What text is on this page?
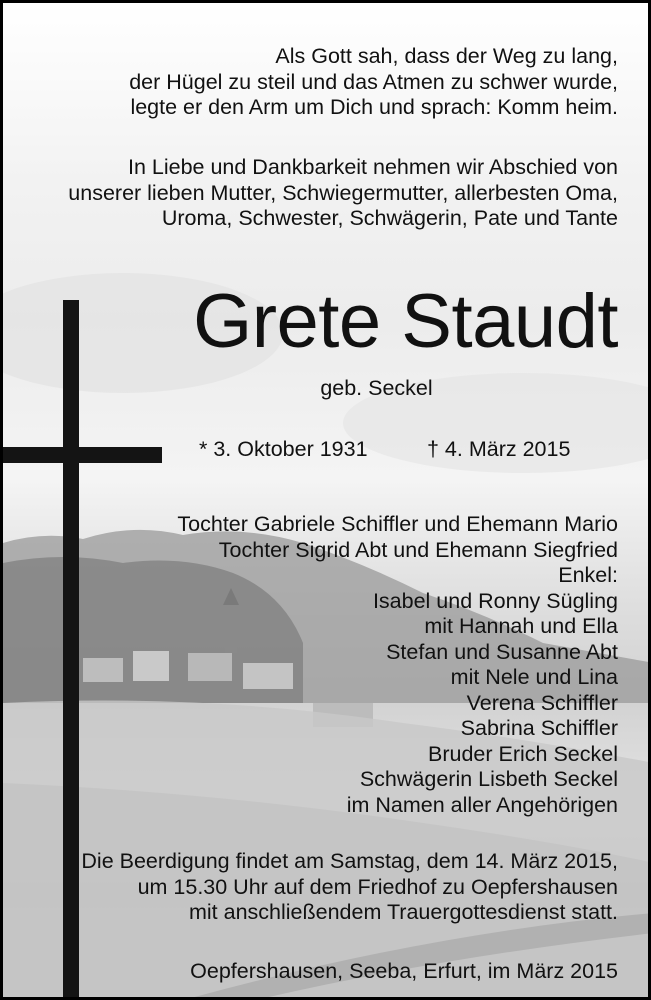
Als Gott sah, dass der Weg zu lang,
der Hügel zu steil und das Atmen zu schwer wurde,
legte er den Arm um Dich und sprach: Komm heim.
In Liebe und Dankbarkeit nehmen wir Abschied von
unserer lieben Mutter, Schwiegermutter, allerbesten Oma,
Uroma, Schwester, Schwägerin, Pate und Tante
Grete Staudt
geb. Seckel
* 3. Oktober 1931	† 4. März 2015
Tochter Gabriele Schiffler und Ehemann Mario
Tochter Sigrid Abt und Ehemann Siegfried
Enkel:
Isabel und Ronny Sügling
mit Hannah und Ella
Stefan und Susanne Abt
mit Nele und Lina
Verena Schiffler
Sabrina Schiffler
Bruder Erich Seckel
Schwägerin Lisbeth Seckel
im Namen aller Angehörigen
Die Beerdigung findet am Samstag, dem 14. März 2015,
um 15.30 Uhr auf dem Friedhof zu Oepfershausen
mit anschließendem Trauergottesdienst statt.
Oepfershausen, Seeba, Erfurt, im März 2015
